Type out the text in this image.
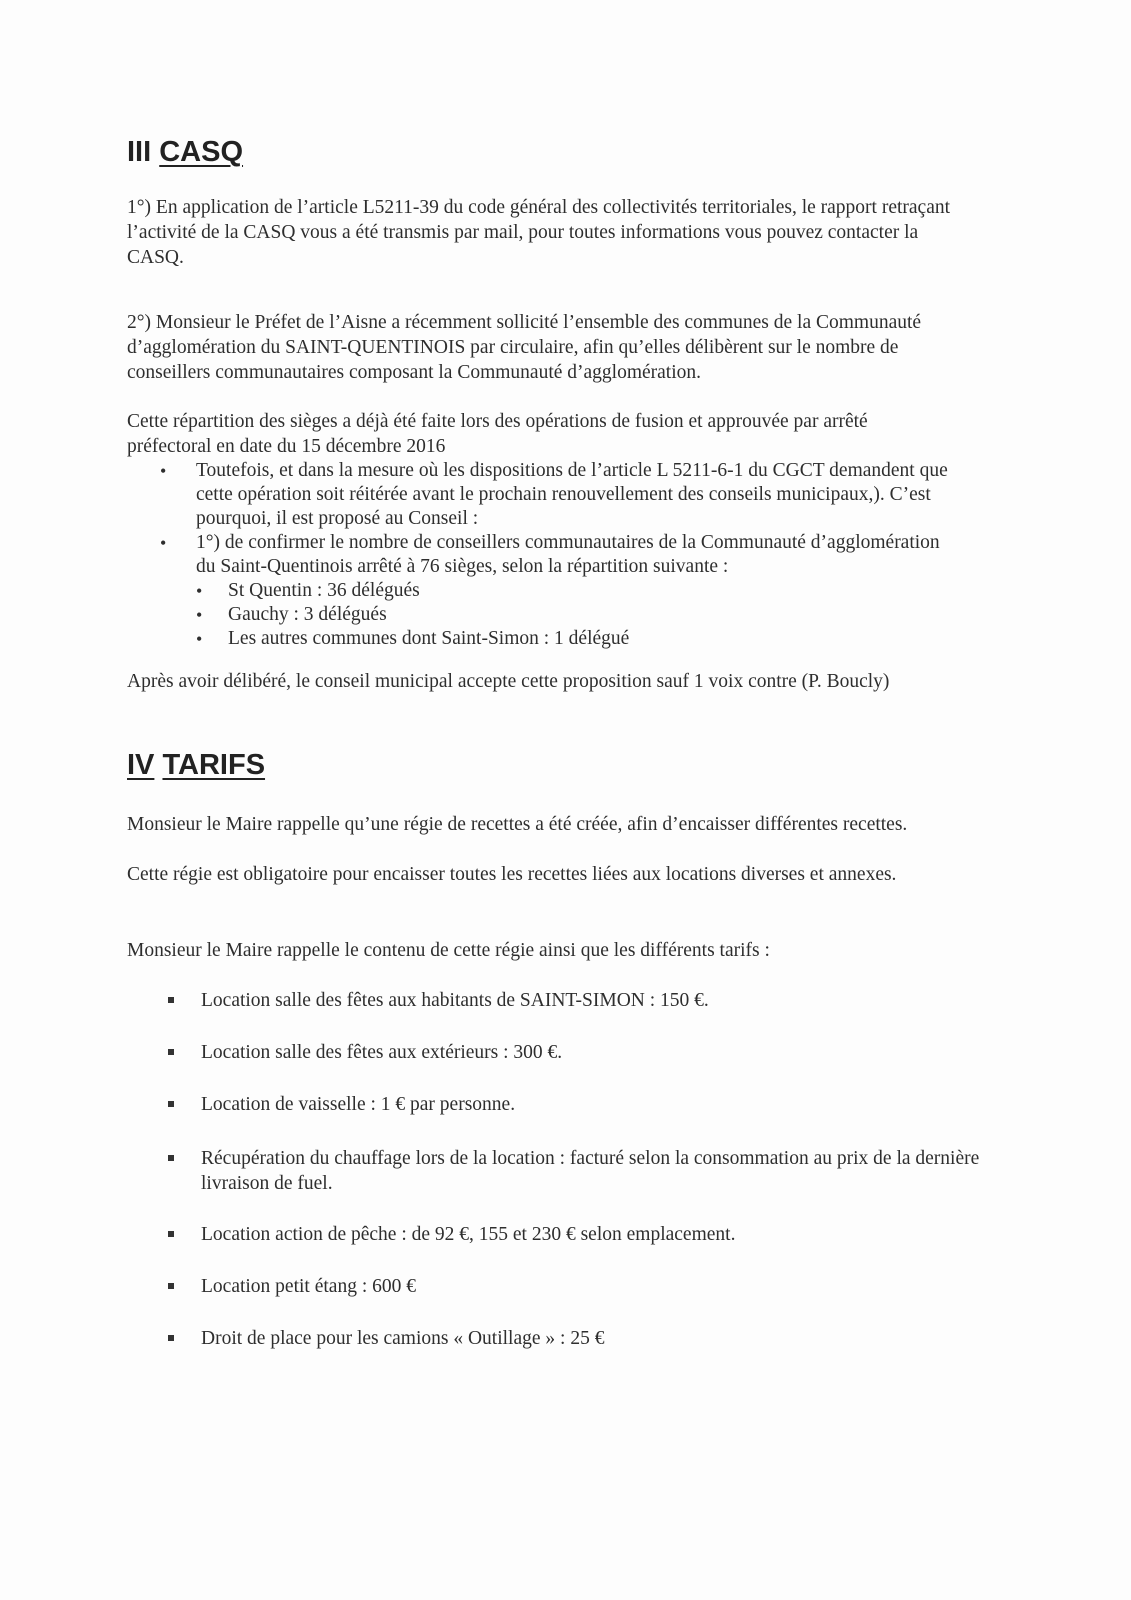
III CASQ

1°) En application de l’article L5211-39 du code général des collectivités territoriales, le rapport retraçant l’activité de la CASQ vous a été transmis par mail, pour toutes informations vous pouvez contacter la CASQ.

2°) Monsieur le Préfet de l’Aisne a récemment sollicité l’ensemble des communes de la Communauté d’agglomération du SAINT-QUENTINOIS par circulaire, afin qu’elles délibèrent sur le nombre de conseillers communautaires composant la Communauté d’agglomération.

Cette répartition des sièges a déjà été faite lors des opérations de fusion et approuvée par arrêté préfectoral en date du 15 décembre 2016

• Toutefois, et dans la mesure où les dispositions de l’article L 5211-6-1 du CGCT demandent que cette opération soit réitérée avant le prochain renouvellement des conseils municipaux,). C’est pourquoi, il est proposé au Conseil :
• 1°) de confirmer le nombre de conseillers communautaires de la Communauté d’agglomération du Saint-Quentinois arrêté à 76 sièges, selon la répartition suivante :
• St Quentin : 36 délégués
• Gauchy : 3 délégués
• Les autres communes dont Saint-Simon : 1 délégué

Après avoir délibéré, le conseil municipal accepte cette proposition sauf 1 voix contre (P. Boucly)

IV TARIFS

Monsieur le Maire rappelle qu’une régie de recettes a été créée, afin d’encaisser différentes recettes.

Cette régie est obligatoire pour encaisser toutes les recettes liées aux locations diverses et annexes.

Monsieur le Maire rappelle le contenu de cette régie ainsi que les différents tarifs :

Location salle des fêtes aux habitants de SAINT-SIMON : 150 €.
Location salle des fêtes aux extérieurs : 300 €.
Location de vaisselle : 1 € par personne.
Récupération du chauffage lors de la location : facturé selon la consommation au prix de la dernière livraison de fuel.
Location action de pêche : de 92 €, 155 et 230 € selon emplacement.
Location petit étang : 600 €
Droit de place pour les camions « Outillage » : 25 €
